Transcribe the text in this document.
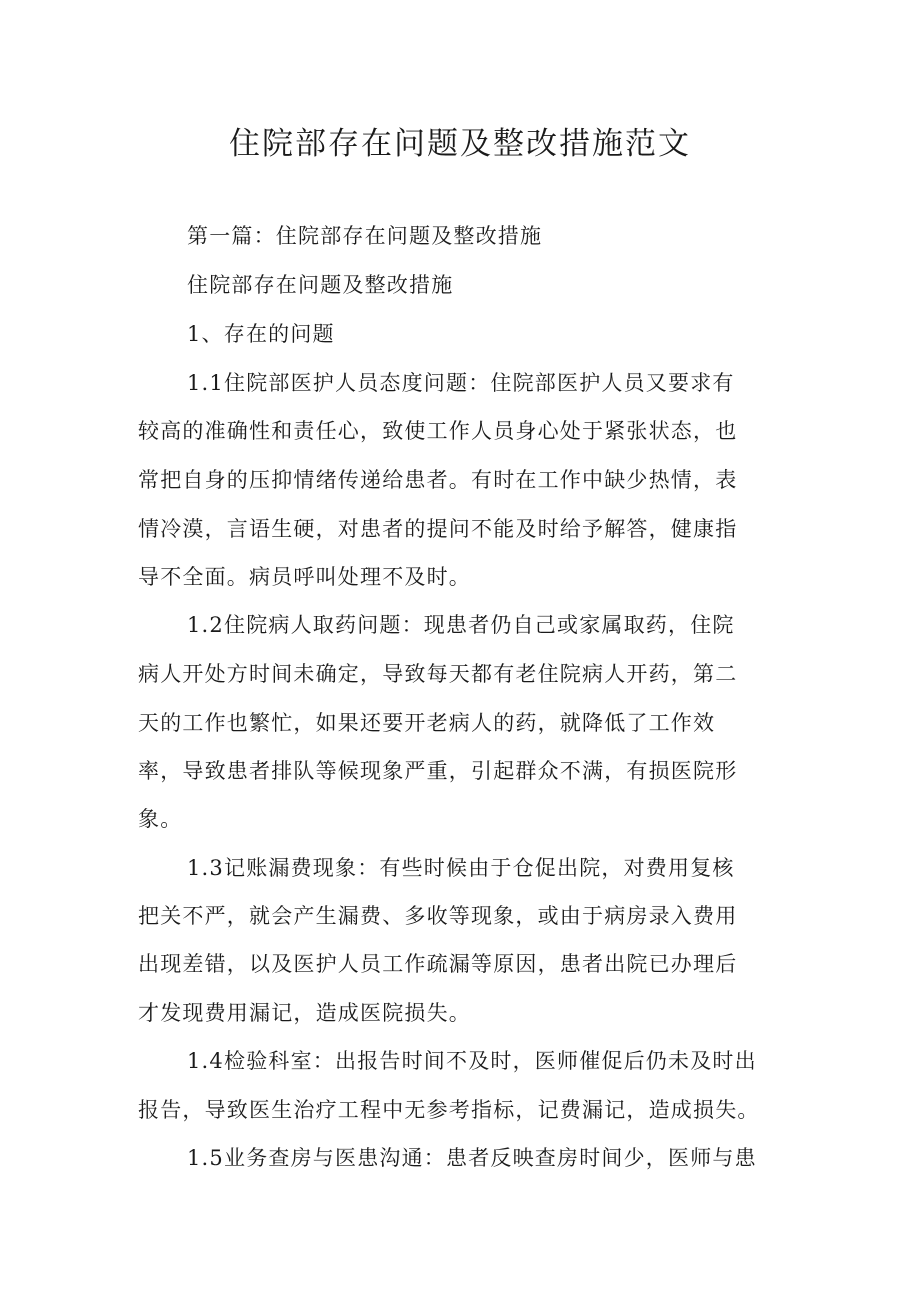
住院部存在问题及整改措施范文

第一篇：住院部存在问题及整改措施

住院部存在问题及整改措施

1、存在的问题

1.1住院部医护人员态度问题：住院部医护人员又要求有

较高的准确性和责任心，致使工作人员身心处于紧张状态，也

常把自身的压抑情绪传递给患者。有时在工作中缺少热情，表

情冷漠，言语生硬，对患者的提问不能及时给予解答，健康指

导不全面。病员呼叫处理不及时。

1.2住院病人取药问题：现患者仍自己或家属取药，住院

病人开处方时间未确定，导致每天都有老住院病人开药，第二

天的工作也繁忙，如果还要开老病人的药，就降低了工作效

率，导致患者排队等候现象严重，引起群众不满，有损医院形

象。

1.3记账漏费现象：有些时候由于仓促出院，对费用复核

把关不严，就会产生漏费、多收等现象，或由于病房录入费用

出现差错，以及医护人员工作疏漏等原因，患者出院已办理后

才发现费用漏记，造成医院损失。

1.4检验科室：出报告时间不及时，医师催促后仍未及时出

报告，导致医生治疗工程中无参考指标，记费漏记，造成损失。

1.5业务查房与医患沟通：患者反映查房时间少，医师与患
